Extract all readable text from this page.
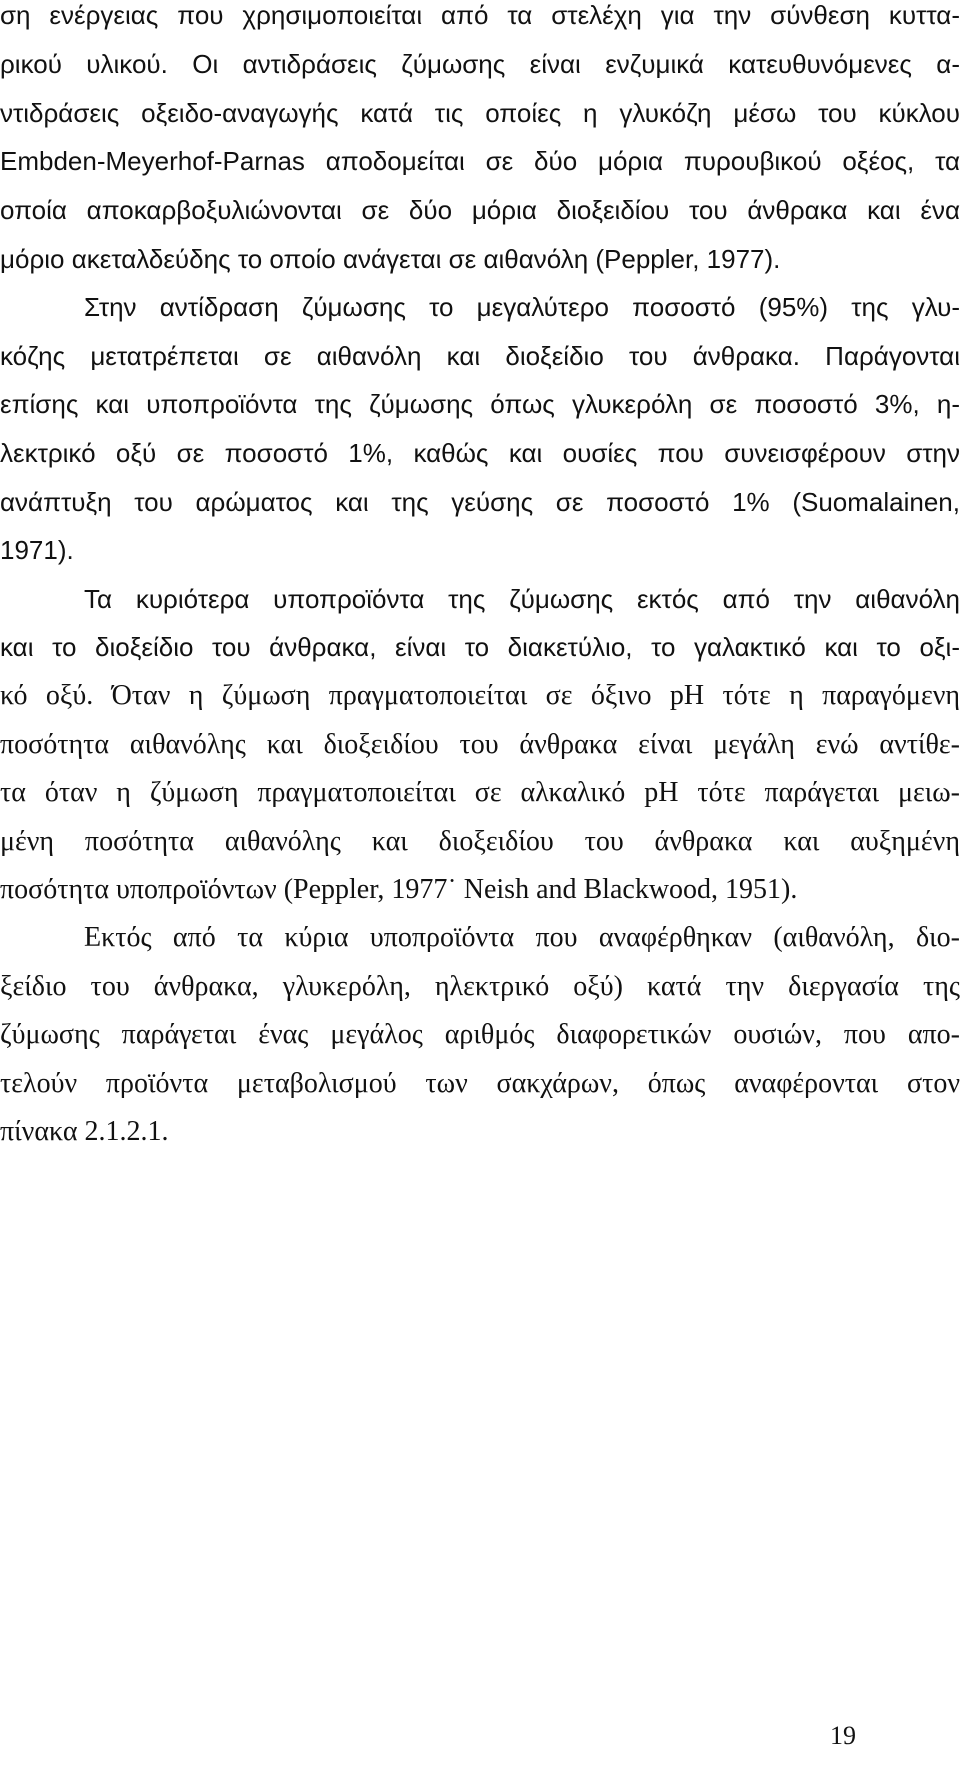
ση ενέργειας που χρησιμοποιείται από τα στελέχη για την σύνθεση κυττα-
ρικού υλικού. Οι αντιδράσεις ζύμωσης είναι ενζυμικά κατευθυνόμενες α-
ντιδράσεις οξειδο-αναγωγής κατά τις οποίες η γλυκόζη μέσω του κύκλου
Embden-Meyerhof-Parnas αποδομείται σε δύο μόρια πυρουβικού οξέος, τα
οποία αποκαρβοξυλιώνονται σε δύο μόρια διοξειδίου του άνθρακα και ένα
μόριο ακεταλδεύδης το οποίο ανάγεται σε αιθανόλη (Peppler, 1977).
Στην αντίδραση ζύμωσης το μεγαλύτερο ποσοστό (95%) της γλυ-
κόζης μετατρέπεται σε αιθανόλη και διοξείδιο του άνθρακα. Παράγονται
επίσης και υποπροϊόντα της ζύμωσης όπως γλυκερόλη σε ποσοστό 3%, η-
λεκτρικό οξύ σε ποσοστό 1%, καθώς και ουσίες που συνεισφέρουν στην
ανάπτυξη του αρώματος και της γεύσης σε ποσοστό 1% (Suomalainen,
1971).
Τα κυριότερα υποπροϊόντα της ζύμωσης εκτός από την αιθανόλη
και το διοξείδιο του άνθρακα, είναι το διακετύλιο, το γαλακτικό και το οξι-
κό οξύ. Όταν η ζύμωση πραγματοποιείται σε όξινο pH τότε η παραγόμενη
ποσότητα αιθανόλης και διοξειδίου του άνθρακα είναι μεγάλη ενώ αντίθε-
τα όταν η ζύμωση πραγματοποιείται σε αλκαλικό pH τότε παράγεται μειω-
μένη ποσότητα αιθανόλης και διοξειδίου του άνθρακα και αυξημένη
ποσότητα υποπροϊόντων (Peppler, 1977˙ Neish and Blackwood, 1951).
Εκτός από τα κύρια υποπροϊόντα που αναφέρθηκαν (αιθανόλη, διο-
ξείδιο του άνθρακα, γλυκερόλη, ηλεκτρικό οξύ) κατά την διεργασία της
ζύμωσης παράγεται ένας μεγάλος αριθμός διαφορετικών ουσιών, που απο-
τελούν προϊόντα μεταβολισμού των σακχάρων, όπως αναφέρονται στον
πίνακα 2.1.2.1.
19
